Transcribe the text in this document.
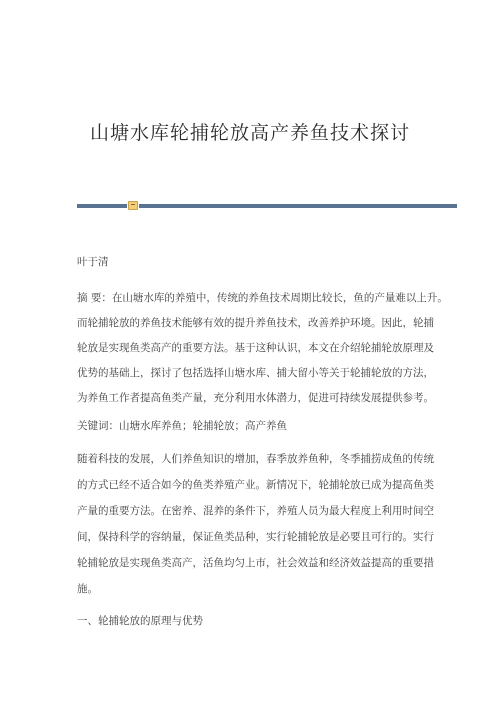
山塘水库轮捕轮放高产养鱼技术探讨
叶于清
摘 要：在山塘水库的养殖中，传统的养鱼技术周期比较长，鱼的产量难以上升。
而轮捕轮放的养鱼技术能够有效的提升养鱼技术，改善养护环境。因此，轮捕
轮放是实现鱼类高产的重要方法。基于这种认识，本文在介绍轮捕轮放原理及
优势的基础上，探讨了包括选择山塘水库、捕大留小等关于轮捕轮放的方法，
为养鱼工作者提高鱼类产量，充分利用水体潜力，促进可持续发展提供参考。
关键词：山塘水库养鱼；轮捕轮放；高产养鱼
随着科技的发展，人们养鱼知识的增加，春季放养鱼种，冬季捕捞成鱼的传统
的方式已经不适合如今的鱼类养殖产业。新情况下，轮捕轮放已成为提高鱼类
产量的重要方法。在密养、混养的条件下，养殖人员为最大程度上利用时间空
间，保持科学的容纳量，保证鱼类品种，实行轮捕轮放是必要且可行的。实行
轮捕轮放是实现鱼类高产，活鱼均匀上市，社会效益和经济效益提高的重要措
施。
一、轮捕轮放的原理与优势
